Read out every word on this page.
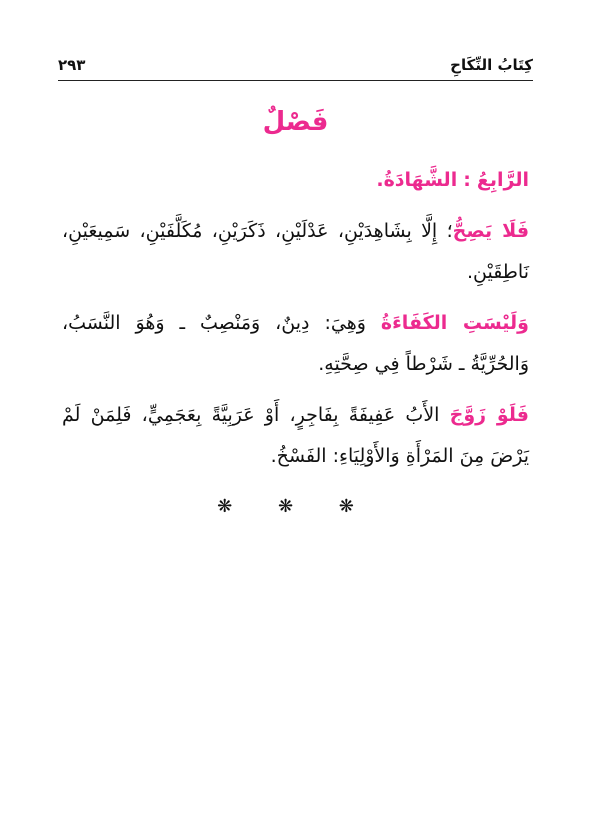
كِتَابُ النِّكَاحِ
٢٩٣
فَصْلٌ

الرَّابِعُ : الشَّهَادَةُ.

فَلَا يَصِحُّ؛ إِلَّا بِشَاهِدَيْنِ، عَدْلَيْنِ، ذَكَرَيْنِ، مُكَلَّفَيْنِ، سَمِيعَيْنِ، نَاطِقَيْنِ.

وَلَيْسَتِ الكَفَاءَةُ وَهِيَ: دِينٌ، وَمَنْصِبٌ ـ وَهُوَ النَّسَبُ، وَالحُرِّيَّةُ ـ شَرْطاً فِي صِحَّتِهِ.

فَلَوْ زَوَّجَ الأَبُ عَفِيفَةً بِفَاجِرٍ، أَوْ عَرَبِيَّةً بِعَجَمِيٍّ، فَلِمَنْ لَمْ يَرْضَ مِنَ المَرْأَةِ وَالأَوْلِيَاءِ: الفَسْخُ.

❋ ❋ ❋
